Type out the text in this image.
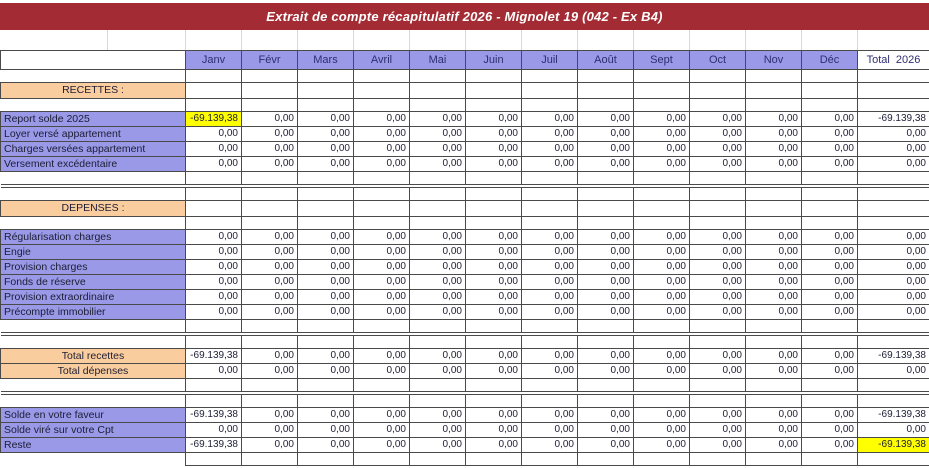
Extrait de compte récapitulatif 2026 - Mignolet 19 (042 - Ex B4)
	Janv	Févr	Mars	Avril	Mai	Juin	Juil	Août	Sept	Oct	Nov	Déc	Total  2026

RECETTES :													

Report solde 2025	-69.139,38	0,00	0,00	0,00	0,00	0,00	0,00	0,00	0,00	0,00	0,00	0,00	-69.139,38
Loyer versé appartement	0,00	0,00	0,00	0,00	0,00	0,00	0,00	0,00	0,00	0,00	0,00	0,00	0,00
Charges versées appartement	0,00	0,00	0,00	0,00	0,00	0,00	0,00	0,00	0,00	0,00	0,00	0,00	0,00
Versement excédentaire	0,00	0,00	0,00	0,00	0,00	0,00	0,00	0,00	0,00	0,00	0,00	0,00	0,00

DEPENSES :													

Régularisation charges	0,00	0,00	0,00	0,00	0,00	0,00	0,00	0,00	0,00	0,00	0,00	0,00	0,00
Engie	0,00	0,00	0,00	0,00	0,00	0,00	0,00	0,00	0,00	0,00	0,00	0,00	0,00
Provision charges	0,00	0,00	0,00	0,00	0,00	0,00	0,00	0,00	0,00	0,00	0,00	0,00	0,00
Fonds de réserve	0,00	0,00	0,00	0,00	0,00	0,00	0,00	0,00	0,00	0,00	0,00	0,00	0,00
Provision extraordinaire	0,00	0,00	0,00	0,00	0,00	0,00	0,00	0,00	0,00	0,00	0,00	0,00	0,00
Précompte immobilier	0,00	0,00	0,00	0,00	0,00	0,00	0,00	0,00	0,00	0,00	0,00	0,00	0,00

Total recettes	-69.139,38	0,00	0,00	0,00	0,00	0,00	0,00	0,00	0,00	0,00	0,00	0,00	-69.139,38
Total dépenses	0,00	0,00	0,00	0,00	0,00	0,00	0,00	0,00	0,00	0,00	0,00	0,00	0,00

Solde en votre faveur	-69.139,38	0,00	0,00	0,00	0,00	0,00	0,00	0,00	0,00	0,00	0,00	0,00	-69.139,38
Solde viré sur votre Cpt	0,00	0,00	0,00	0,00	0,00	0,00	0,00	0,00	0,00	0,00	0,00	0,00	0,00
Reste	-69.139,38	0,00	0,00	0,00	0,00	0,00	0,00	0,00	0,00	0,00	0,00	0,00	-69.139,38
